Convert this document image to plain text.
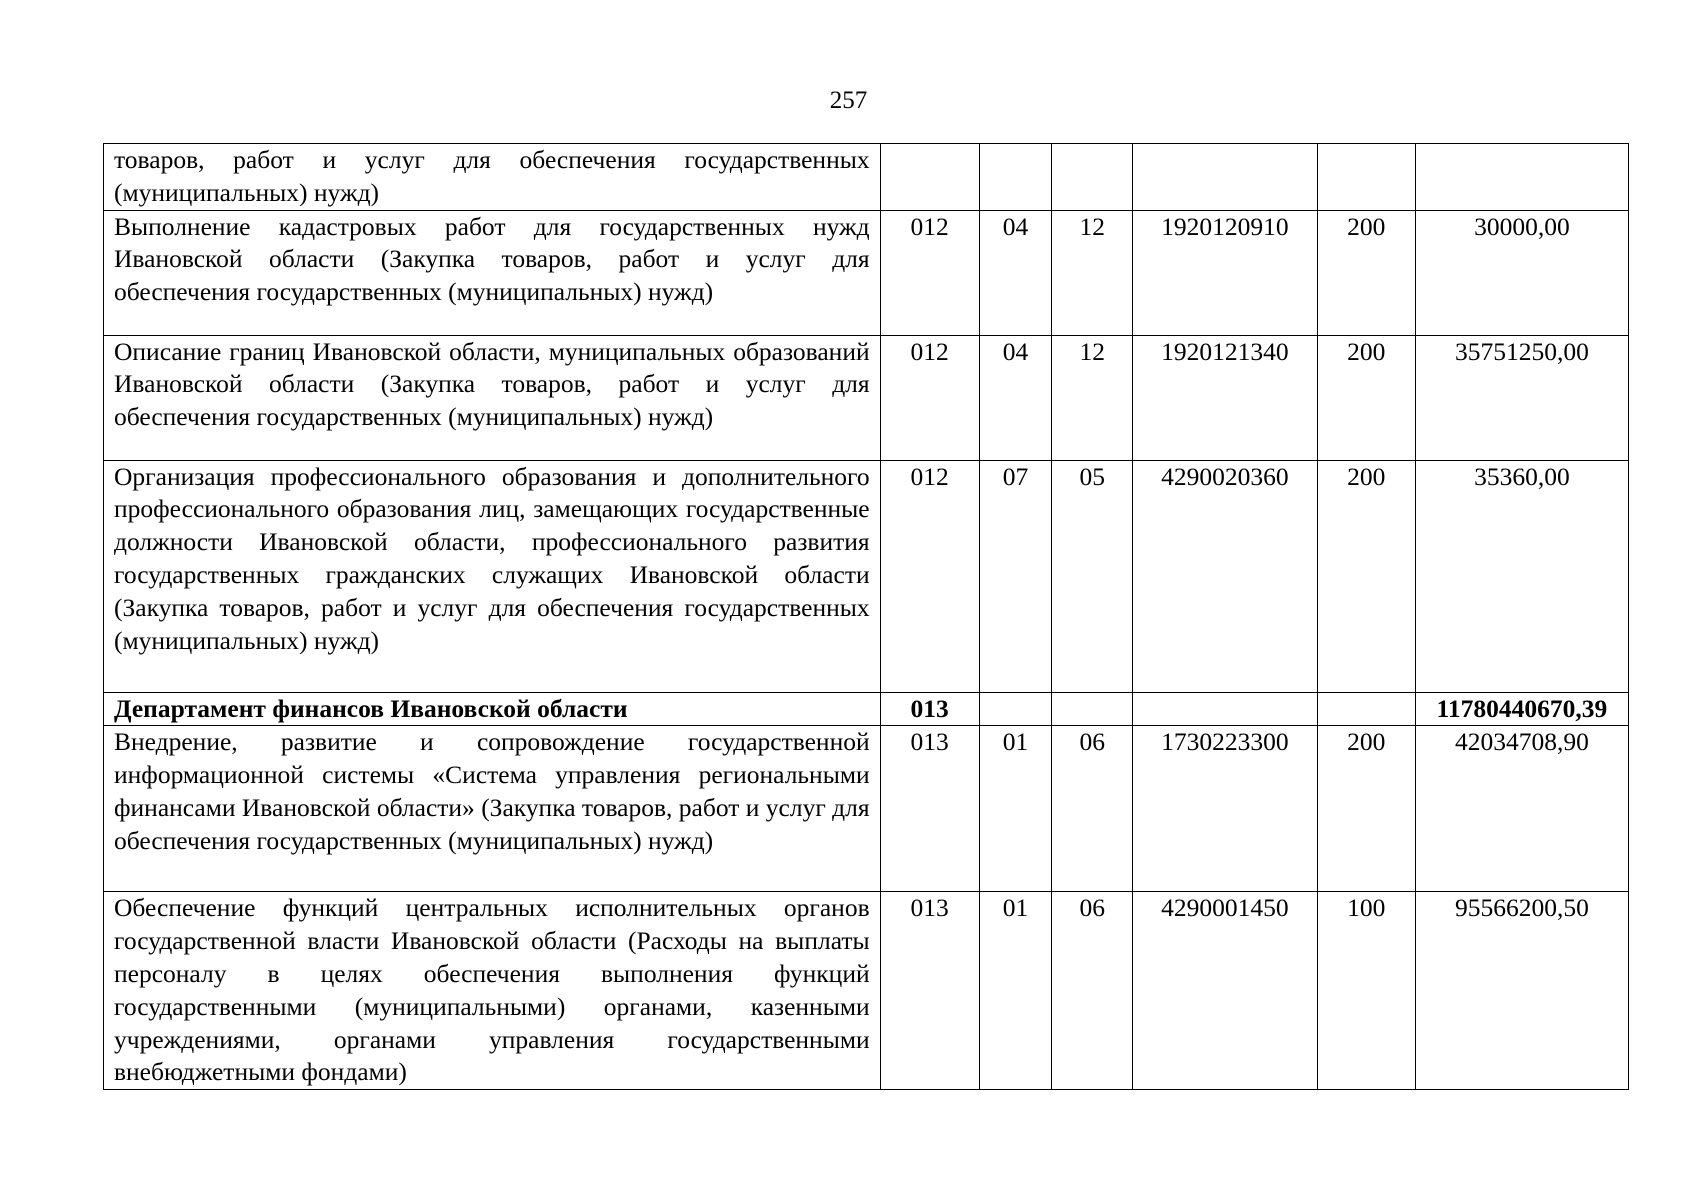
257
товаров, работ и услуг для обеспечения государственных (муниципальных) нужд)						

Выполнение кадастровых работ для государственных нужд Ивановской области (Закупка товаров, работ и услуг для обеспечения государственных (муниципальных) нужд)	012	04	12	1920120910	200	30000,00

Описание границ Ивановской области, муниципальных образований Ивановской области (Закупка товаров, работ и услуг для обеспечения государственных (муниципальных) нужд)	012	04	12	1920121340	200	35751250,00

Организация профессионального образования и дополнительного профессионального образования лиц, замещающих государственные должности Ивановской области, профессионального развития государственных гражданских служащих Ивановской области (Закупка товаров, работ и услуг для обеспечения государственных (муниципальных) нужд)	012	07	05	4290020360	200	35360,00

Департамент финансов Ивановской области	013					11780440670,39

Внедрение, развитие и сопровождение государственной информационной системы «Система управления региональными финансами Ивановской области» (Закупка товаров, работ и услуг для обеспечения государственных (муниципальных) нужд)	013	01	06	1730223300	200	42034708,90

Обеспечение функций центральных исполнительных органов государственной власти Ивановской области (Расходы на выплаты персоналу в целях обеспечения выполнения функций государственными (муниципальными) органами, казенными учреждениями, органами управления государственными внебюджетными фондами)	013	01	06	4290001450	100	95566200,50
